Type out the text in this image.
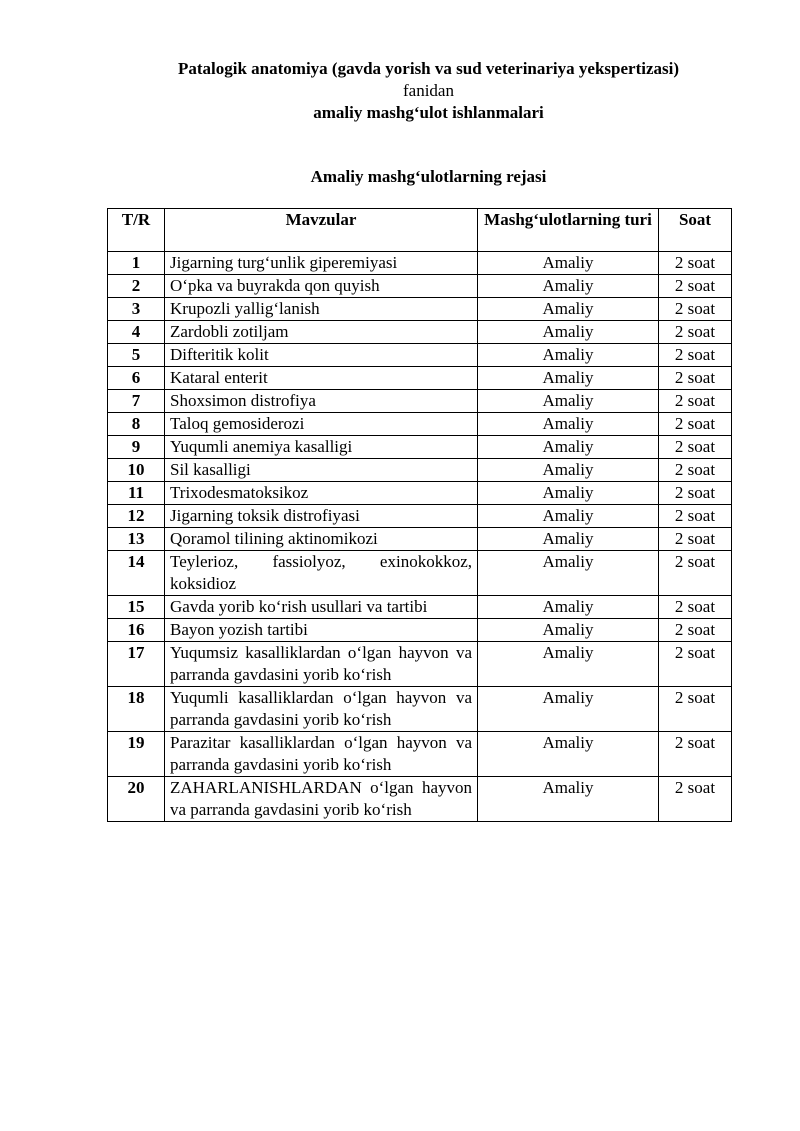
Patalogik anatomiya (gavda yorish va sud veterinariya yekspertizasi)
fanidan
amaliy mashg‘ulot ishlanmalari
Amaliy mashg‘ulotlarning rejasi
T/R	Mavzular	Mashg‘ulotlarning turi	Soat
1	Jigarning turg‘unlik giperemiyasi	Amaliy	2 soat
2	O‘pka va buyrakda qon quyish	Amaliy	2 soat
3	Krupozli yallig‘lanish	Amaliy	2 soat
4	Zardobli zotiljam	Amaliy	2 soat
5	Difteritik kolit	Amaliy	2 soat
6	Kataral enterit	Amaliy	2 soat
7	Shoxsimon distrofiya	Amaliy	2 soat
8	Taloq gemosiderozi	Amaliy	2 soat
9	Yuqumli anemiya kasalligi	Amaliy	2 soat
10	Sil kasalligi	Amaliy	2 soat
11	Trixodesmatoksikoz	Amaliy	2 soat
12	Jigarning toksik distrofiyasi	Amaliy	2 soat
13	Qoramol tilining aktinomikozi	Amaliy	2 soat
14	Teylerioz, fassiolyoz, exinokokkoz, koksidioz	Amaliy	2 soat
15	Gavda yorib ko‘rish usullari va tartibi	Amaliy	2 soat
16	Bayon yozish tartibi	Amaliy	2 soat
17	Yuqumsiz kasalliklardan o‘lgan hayvon va parranda gavdasini yorib ko‘rish	Amaliy	2 soat
18	Yuqumli kasalliklardan o‘lgan hayvon va parranda gavdasini yorib ko‘rish	Amaliy	2 soat
19	Parazitar kasalliklardan o‘lgan hayvon va parranda gavdasini yorib ko‘rish	Amaliy	2 soat
20	ZAHARLANISHLARDAN o‘lgan hayvon va parranda gavdasini yorib ko‘rish	Amaliy	2 soat
